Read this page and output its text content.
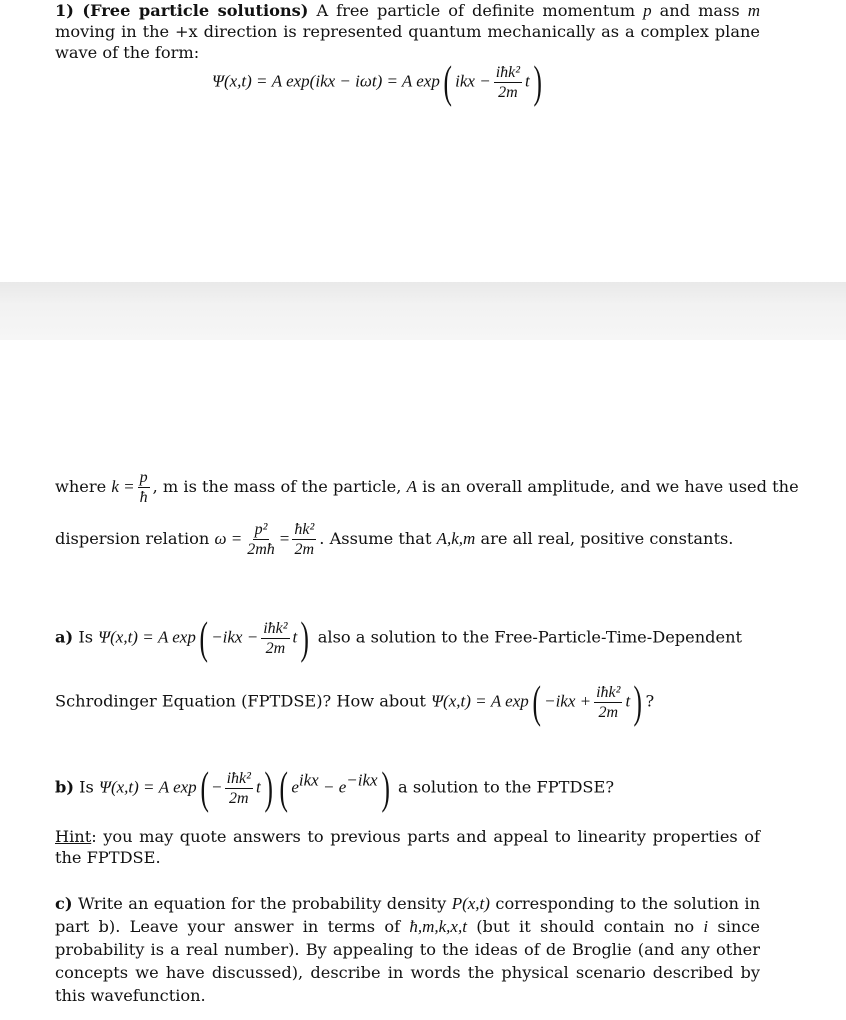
1) (Free particle solutions) A free particle of definite momentum p and mass m moving in the +x direction is represented quantum mechanically as a complex plane wave of the form:
Ψ(x,t) = A exp(ikx − iωt) = A exp( ikx − $\frac{\text{iħk²}}{2m} t$)
where $k = \frac{p}{ħ}$ , m is the mass of the particle, A is an overall amplitude, and we have used the
dispersion relation $\omega = \frac{\text{p²}}{2mħ} = \frac{\text{ħk²}}{2m}$ . Assume that A,k,m are all real, positive constants.
a) Is Ψ(x,t) = A $\exp( -ikx - \frac{\text{iħk²}}{2m} t)$ also a solution to the Free-Particle-Time-Dependent
Schrodinger Equation (FPTDSE)? How about Ψ(x,t) = A $\exp( -ikx + \frac{\text{iħk²}}{2m} t)$ ?
b) Is Ψ(x,t) = A $\exp( - \frac{\text{iħk²}}{2m} t)$ ( $e^{ikx} - e^{-ikx}$) a solution to the FPTDSE?
Hint: you may quote answers to previous parts and appeal to linearity properties of the FPTDSE.
c) Write an equation for the probability density P(x,t) corresponding to the solution in part b). Leave your answer in terms of ħ,m,k,x,t (but it should contain no i since probability is a real number). By appealing to the ideas of de Broglie (and any other concepts we have discussed), describe in words the physical scenario described by this wavefunction.
